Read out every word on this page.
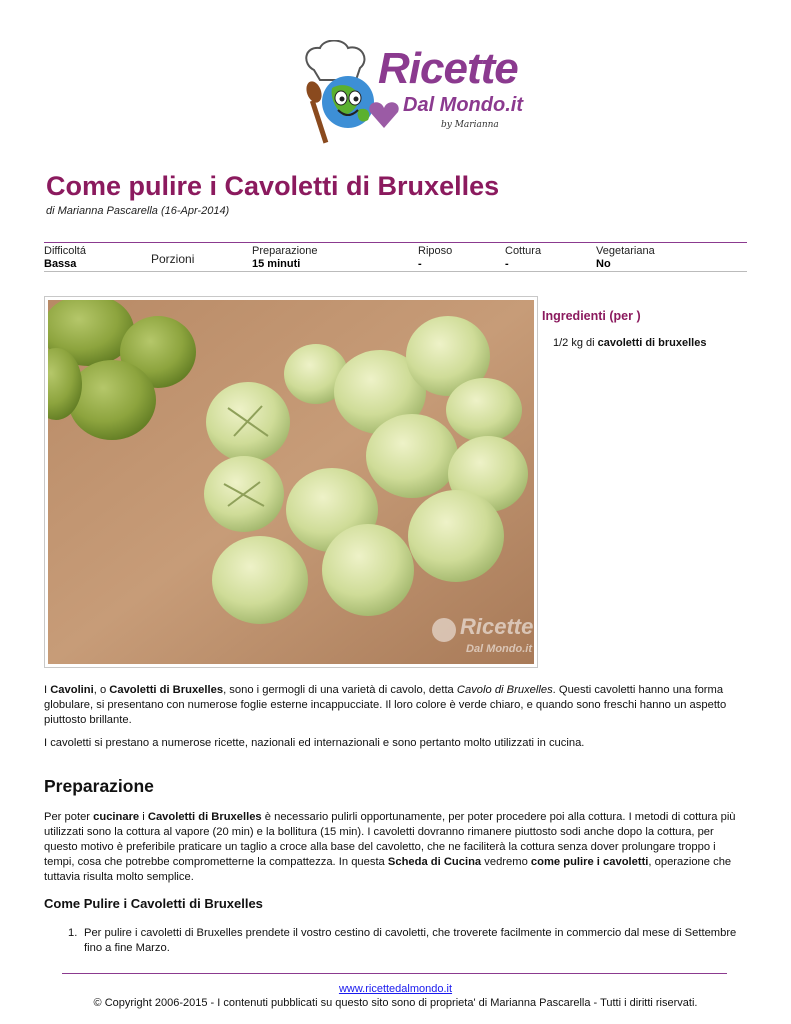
Ricette
Dal Mondo.it
by Marianna
Come pulire i Cavoletti di Bruxelles
di Marianna Pascarella (16-Apr-2014)
Difficoltá
Bassa	Porzioni
Preparazione
15 minuti
Riposo
-
Cottura
-
Vegetariana
No
Ricette
Dal Mondo.it
Ingredienti (per )
1/2 kg di cavoletti di bruxelles

I Cavolini, o Cavoletti di Bruxelles, sono i germogli di una varietà di cavolo, detta Cavolo di Bruxelles. Questi cavoletti hanno una forma globulare, si presentano con numerose foglie esterne incappucciate. Il loro colore è verde chiaro, e quando sono freschi hanno un aspetto piuttosto brillante.

I cavoletti si prestano a numerose ricette, nazionali ed internazionali e sono pertanto molto utilizzati in cucina.

Preparazione

Per poter cucinare i Cavoletti di Bruxelles è necessario pulirli opportunamente, per poter procedere poi alla cottura. I metodi di cottura più utilizzati sono la cottura al vapore (20 min) e la bollitura (15 min). I cavoletti dovranno rimanere piuttosto sodi anche dopo la cottura, per questo motivo è preferibile praticare un taglio a croce alla base del cavoletto, che ne faciliterà la cottura senza dover prolungare troppo i tempi, cosa che potrebbe comprometterne la compattezza. In questa Scheda di Cucina vedremo come pulire i cavoletti, operazione che tuttavia risulta molto semplice.

Come Pulire i Cavoletti di Bruxelles
1. Per pulire i cavoletti di Bruxelles prendete il vostro cestino di cavoletti, che troverete facilmente in commercio dal mese di Settembre fino a fine Marzo.
www.ricettedalmondo.it
© Copyright 2006-2015 - I contenuti pubblicati su questo sito sono di proprieta' di Marianna Pascarella - Tutti i diritti riservati.
